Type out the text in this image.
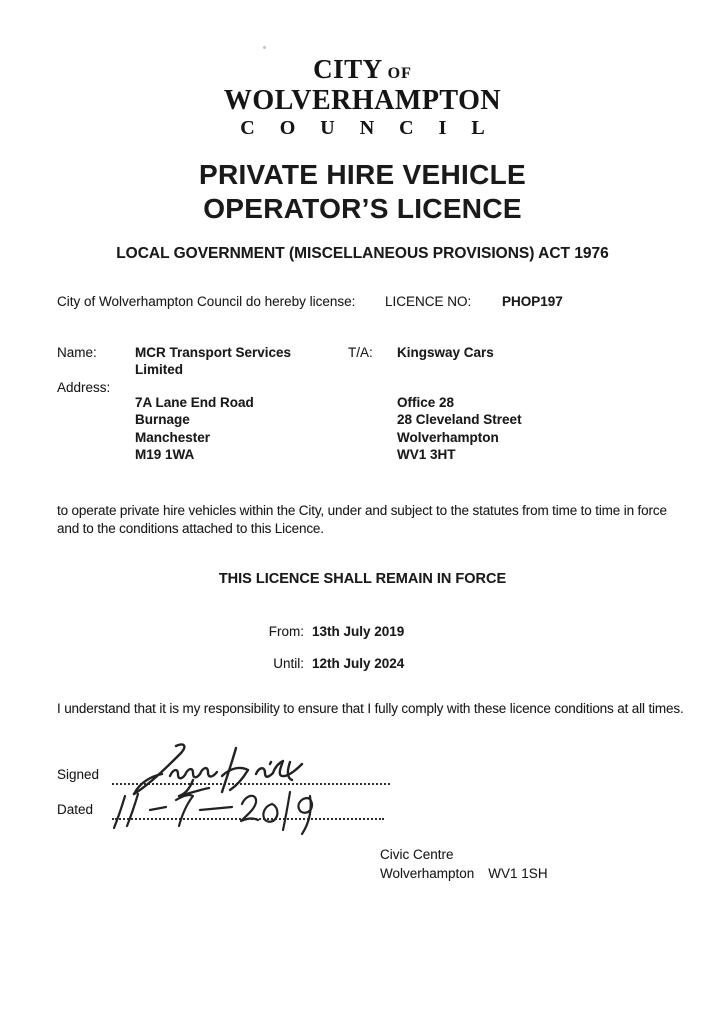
CITY OF
WOLVERHAMPTON
C O U N C I L
PRIVATE HIRE VEHICLE
OPERATOR’S LICENCE
LOCAL GOVERNMENT (MISCELLANEOUS PROVISIONS) ACT 1976
City of Wolverhampton Council do hereby license: LICENCE NO: PHOP197
Name:	MCR Transport Services
Limited
T/A: Kingsway Cars
Address:
7A Lane End Road
Burnage
Manchester
M19 1WA
Office 28
28 Cleveland Street
Wolverhampton
WV1 3HT
to operate private hire vehicles within the City, under and subject to the statutes from time to time in force and to the conditions attached to this Licence.
THIS LICENCE SHALL REMAIN IN FORCE
From: 13th July 2019
Until: 12th July 2024
I understand that it is my responsibility to ensure that I fully comply with these licence conditions at all times.
Signed
Dated
Civic Centre
Wolverhampton WV1 1SH
